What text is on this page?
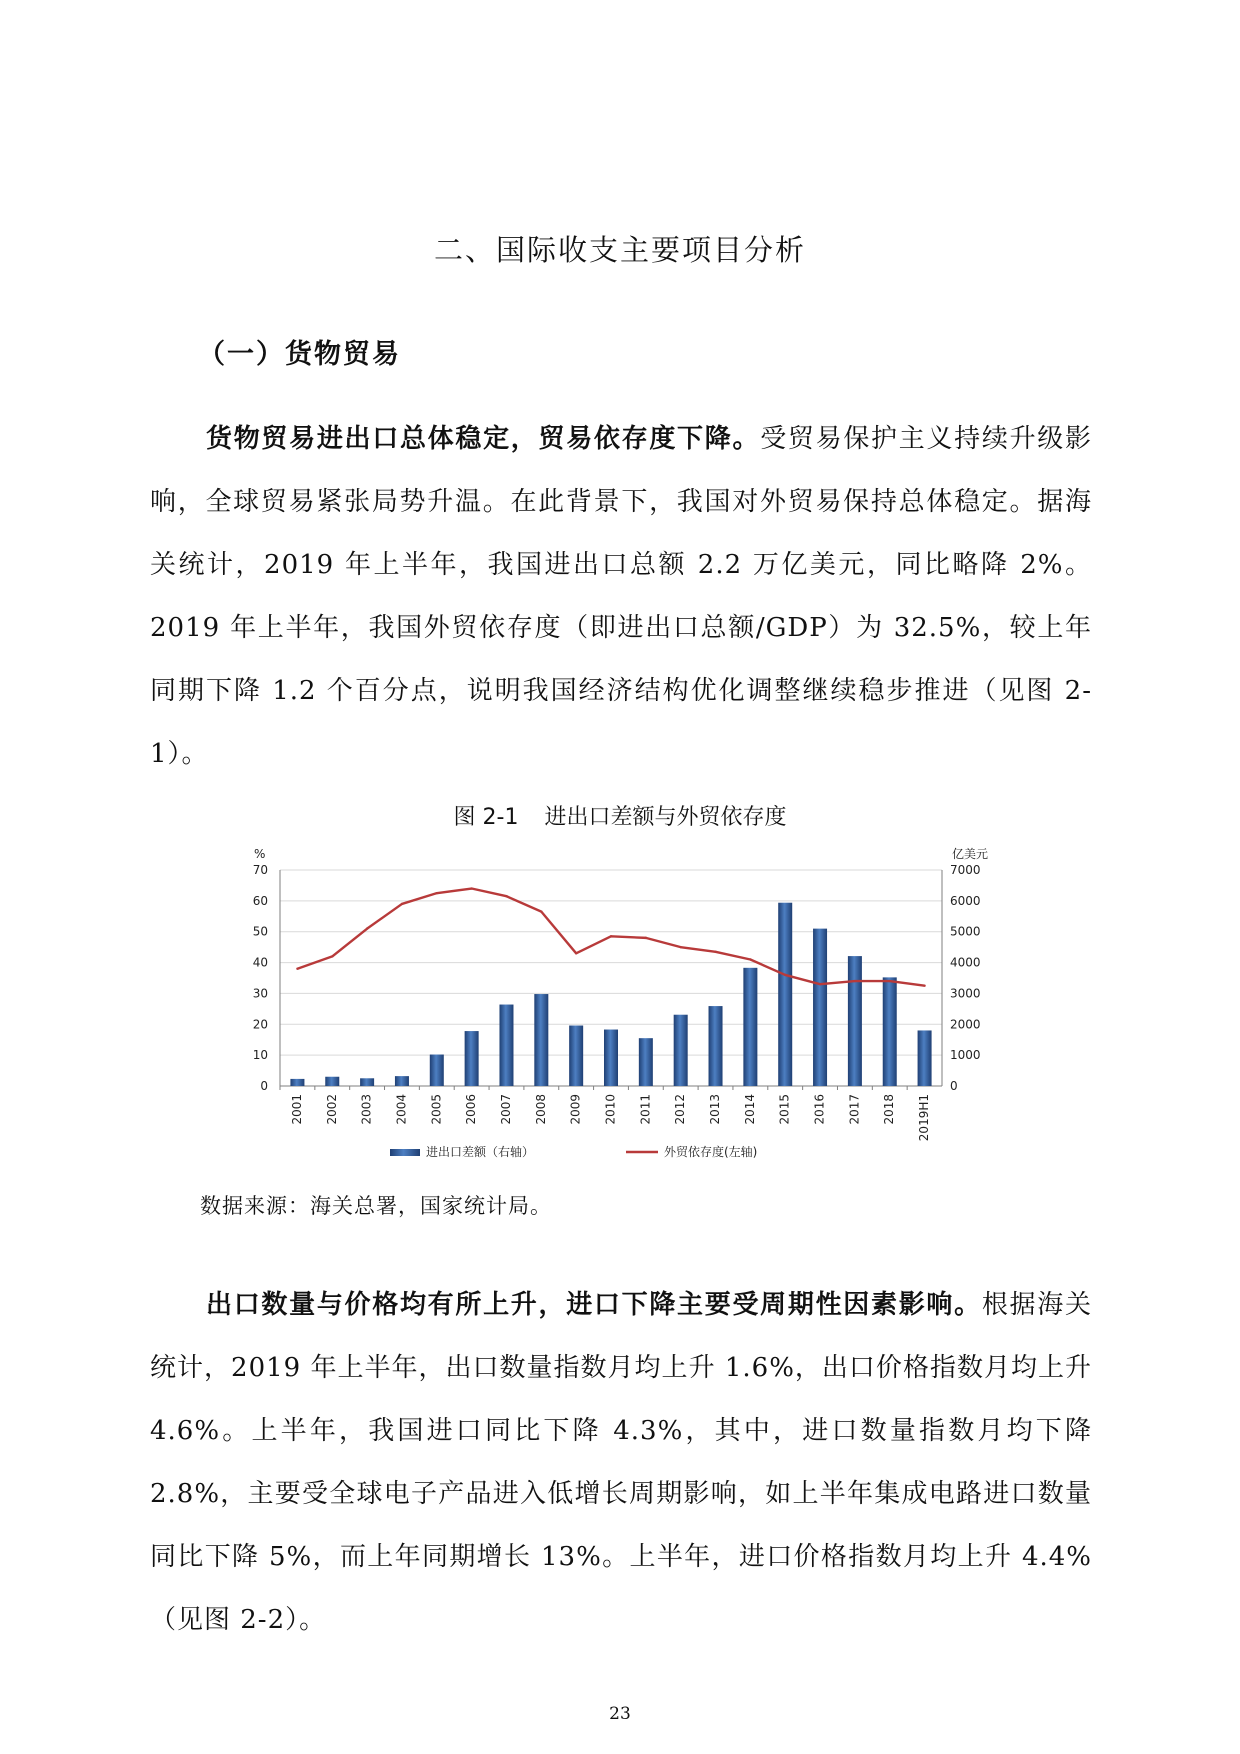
二、国际收支主要项目分析
（一）货物贸易

货物贸易进出口总体稳定，贸易依存度下降。受贸易保护主义持续升级影响，全球贸易紧张局势升温。在此背景下，我国对外贸易保持总体稳定。据海关统计，2019 年上半年，我国进出口总额 2.2 万亿美元，同比略降 2%。2019 年上半年，我国外贸依存度（即进出口总额/GDP）为 32.5%，较上年同期下降 1.2 个百分点，说明我国经济结构优化调整继续稳步推进（见图 2-1）。

图 2-1 进出口差额与外贸依存度
0
10
20
30
40
50
60
70
0
1000
2000
3000
4000
5000
6000
7000
%	亿美元
2001 2002 2003 2004 2005 2006 2007 2008 2009 2010 2011 2012 2013 2014 2015 2016 2017 2018 2019H1
进出口差额（右轴）	外贸依存度(左轴)
数据来源：海关总署，国家统计局。

出口数量与价格均有所上升，进口下降主要受周期性因素影响。根据海关统计，2019 年上半年，出口数量指数月均上升 1.6%，出口价格指数月均上升 4.6%。上半年，我国进口同比下降 4.3%，其中，进口数量指数月均下降 2.8%，主要受全球电子产品进入低增长周期影响，如上半年集成电路进口数量同比下降 5%，而上年同期增长 13%。上半年，进口价格指数月均上升 4.4%（见图 2-2）。

23
